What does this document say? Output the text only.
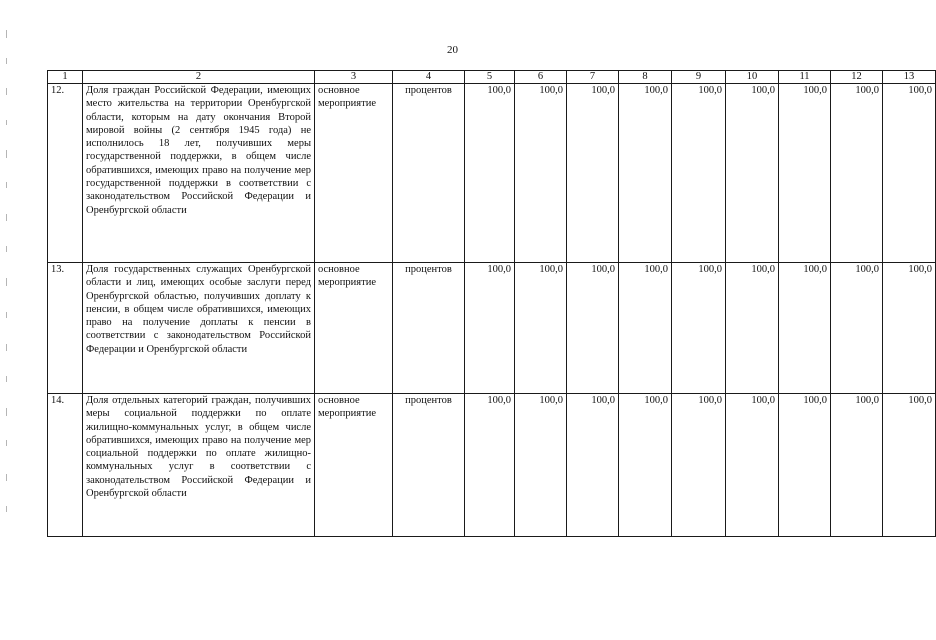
20
1	2	3	4	5	6	7	8	9	10	11	12	13
12.	Доля граждан Российской Федерации, имеющих место жительства на территории Оренбургской области, которым на дату окончания Второй мировой войны (2 сентября 1945 года) не исполнилось 18 лет, получивших меры государственной поддержки, в общем числе обратившихся, имеющих право на получение мер государственной поддержки в соответствии с законодательством Российской Федерации и Оренбургской области	основное мероприятие	процентов	100,0	100,0	100,0	100,0	100,0	100,0	100,0	100,0	100,0
13.	Доля государственных служащих Оренбургской области и лиц, имеющих особые заслуги перед Оренбургской областью, получивших доплату к пенсии, в общем числе обратившихся, имеющих право на получение доплаты к пенсии в соответствии с законодательством Российской Федерации и Оренбургской области	основное мероприятие	процентов	100,0	100,0	100,0	100,0	100,0	100,0	100,0	100,0	100,0
14.	Доля отдельных категорий граждан, получивших меры социальной поддержки по оплате жилищно-коммунальных услуг, в общем числе обратившихся, имеющих право на получение мер социальной поддержки по оплате жилищно-коммунальных услуг в соответствии с законодательством Российской Федерации и Оренбургской области	основное мероприятие	процентов	100,0	100,0	100,0	100,0	100,0	100,0	100,0	100,0	100,0
